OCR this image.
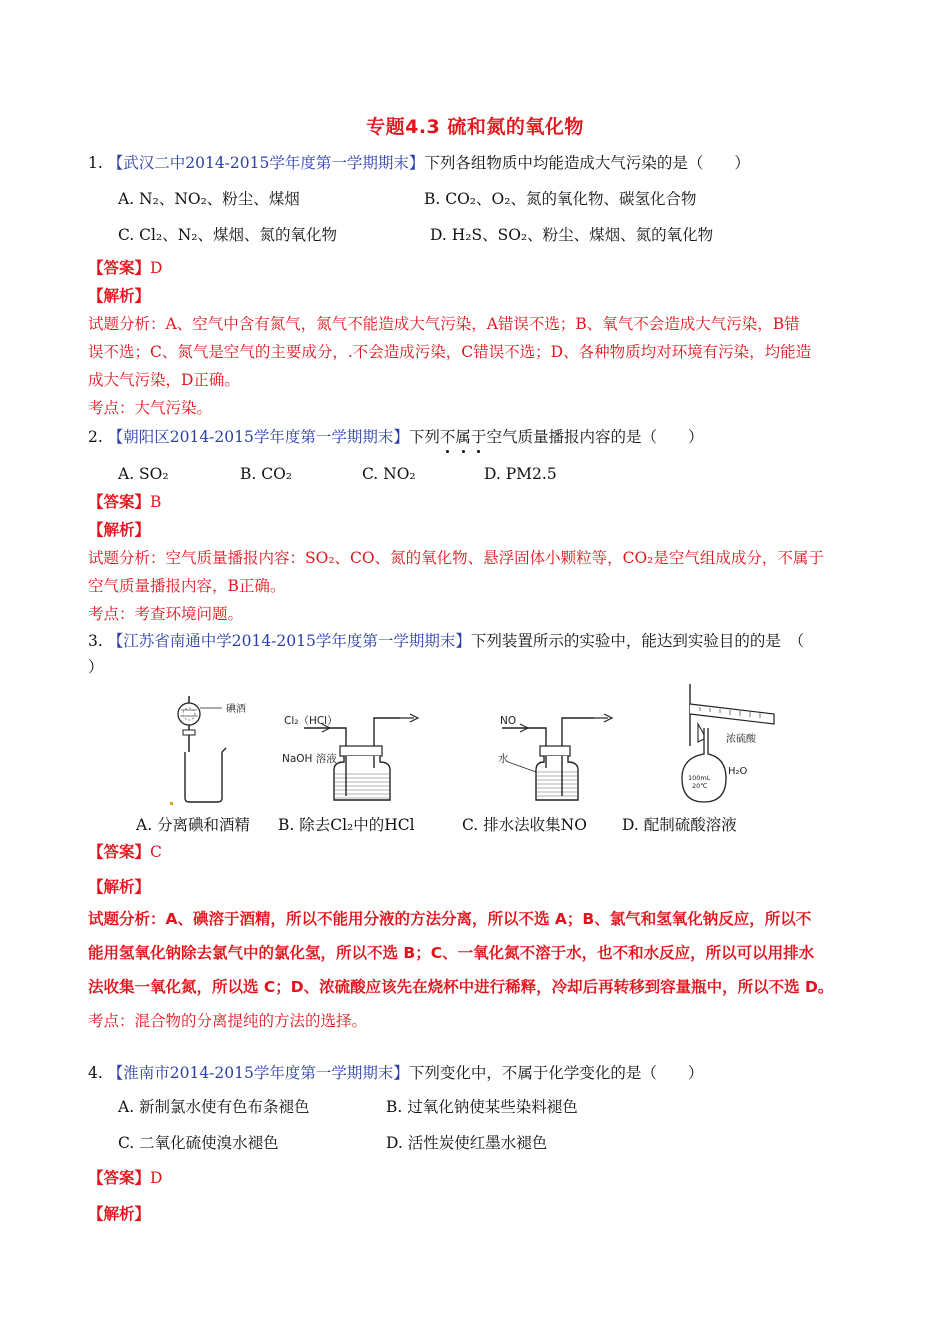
专题4.3 硫和氮的氧化物
1. 【武汉二中2014-2015学年度第一学期期末】下列各组物质中均能造成大气污染的是（　　）
A. N₂、NO₂、粉尘、煤烟	B. CO₂、O₂、氮的氧化物、碳氢化合物
C. Cl₂、N₂、煤烟、氮的氧化物	D. H₂S、SO₂、粉尘、煤烟、氮的氧化物
【答案】D
【解析】
试题分析：A、空气中含有氮气，氮气不能造成大气污染，A错误不选；B、氧气不会造成大气污染，B错
误不选；C、氮气是空气的主要成分，.不会造成污染，C错误不选；D、各种物质均对环境有污染，均能造
成大气污染，D正确。
考点：大气污染。
2. 【朝阳区2014-2015学年度第一学期期末】下列不属于空气质量播报内容的是（　　）
A. SO₂	B. CO₂	C. NO₂	D. PM2.5
【答案】B
【解析】
试题分析：空气质量播报内容：SO₂、CO、氮的氧化物、悬浮固体小颗粒等，CO₂是空气组成成分，不属于
空气质量播报内容，B正确。
考点：考查环境问题。
3. 【江苏省南通中学2014-2015学年度第一学期期末】下列装置所示的实验中，能达到实验目的的是　（
）
碘酒
Cl₂（HCl）
NaOH 溶液
NO
水
浓硫酸
100mL
20℃
H₂O
A. 分离碘和酒精 B. 除去Cl₂中的HCl	C. 排水法收集NO D. 配制硫酸溶液
【答案】C
【解析】
试题分析：A、碘溶于酒精，所以不能用分液的方法分离，所以不选 A；B、氯气和氢氧化钠反应，所以不
能用氢氧化钠除去氯气中的氯化氢，所以不选 B；C、一氧化氮不溶于水，也不和水反应，所以可以用排水
法收集一氧化氮，所以选 C；D、浓硫酸应该先在烧杯中进行稀释，冷却后再转移到容量瓶中，所以不选 D。
考点：混合物的分离提纯的方法的选择。
4. 【淮南市2014-2015学年度第一学期期末】下列变化中，不属于化学变化的是（　　）
A. 新制氯水使有色布条褪色	B. 过氧化钠使某些染料褪色
C. 二氧化硫使溴水褪色	D. 活性炭使红墨水褪色
【答案】D
【解析】
